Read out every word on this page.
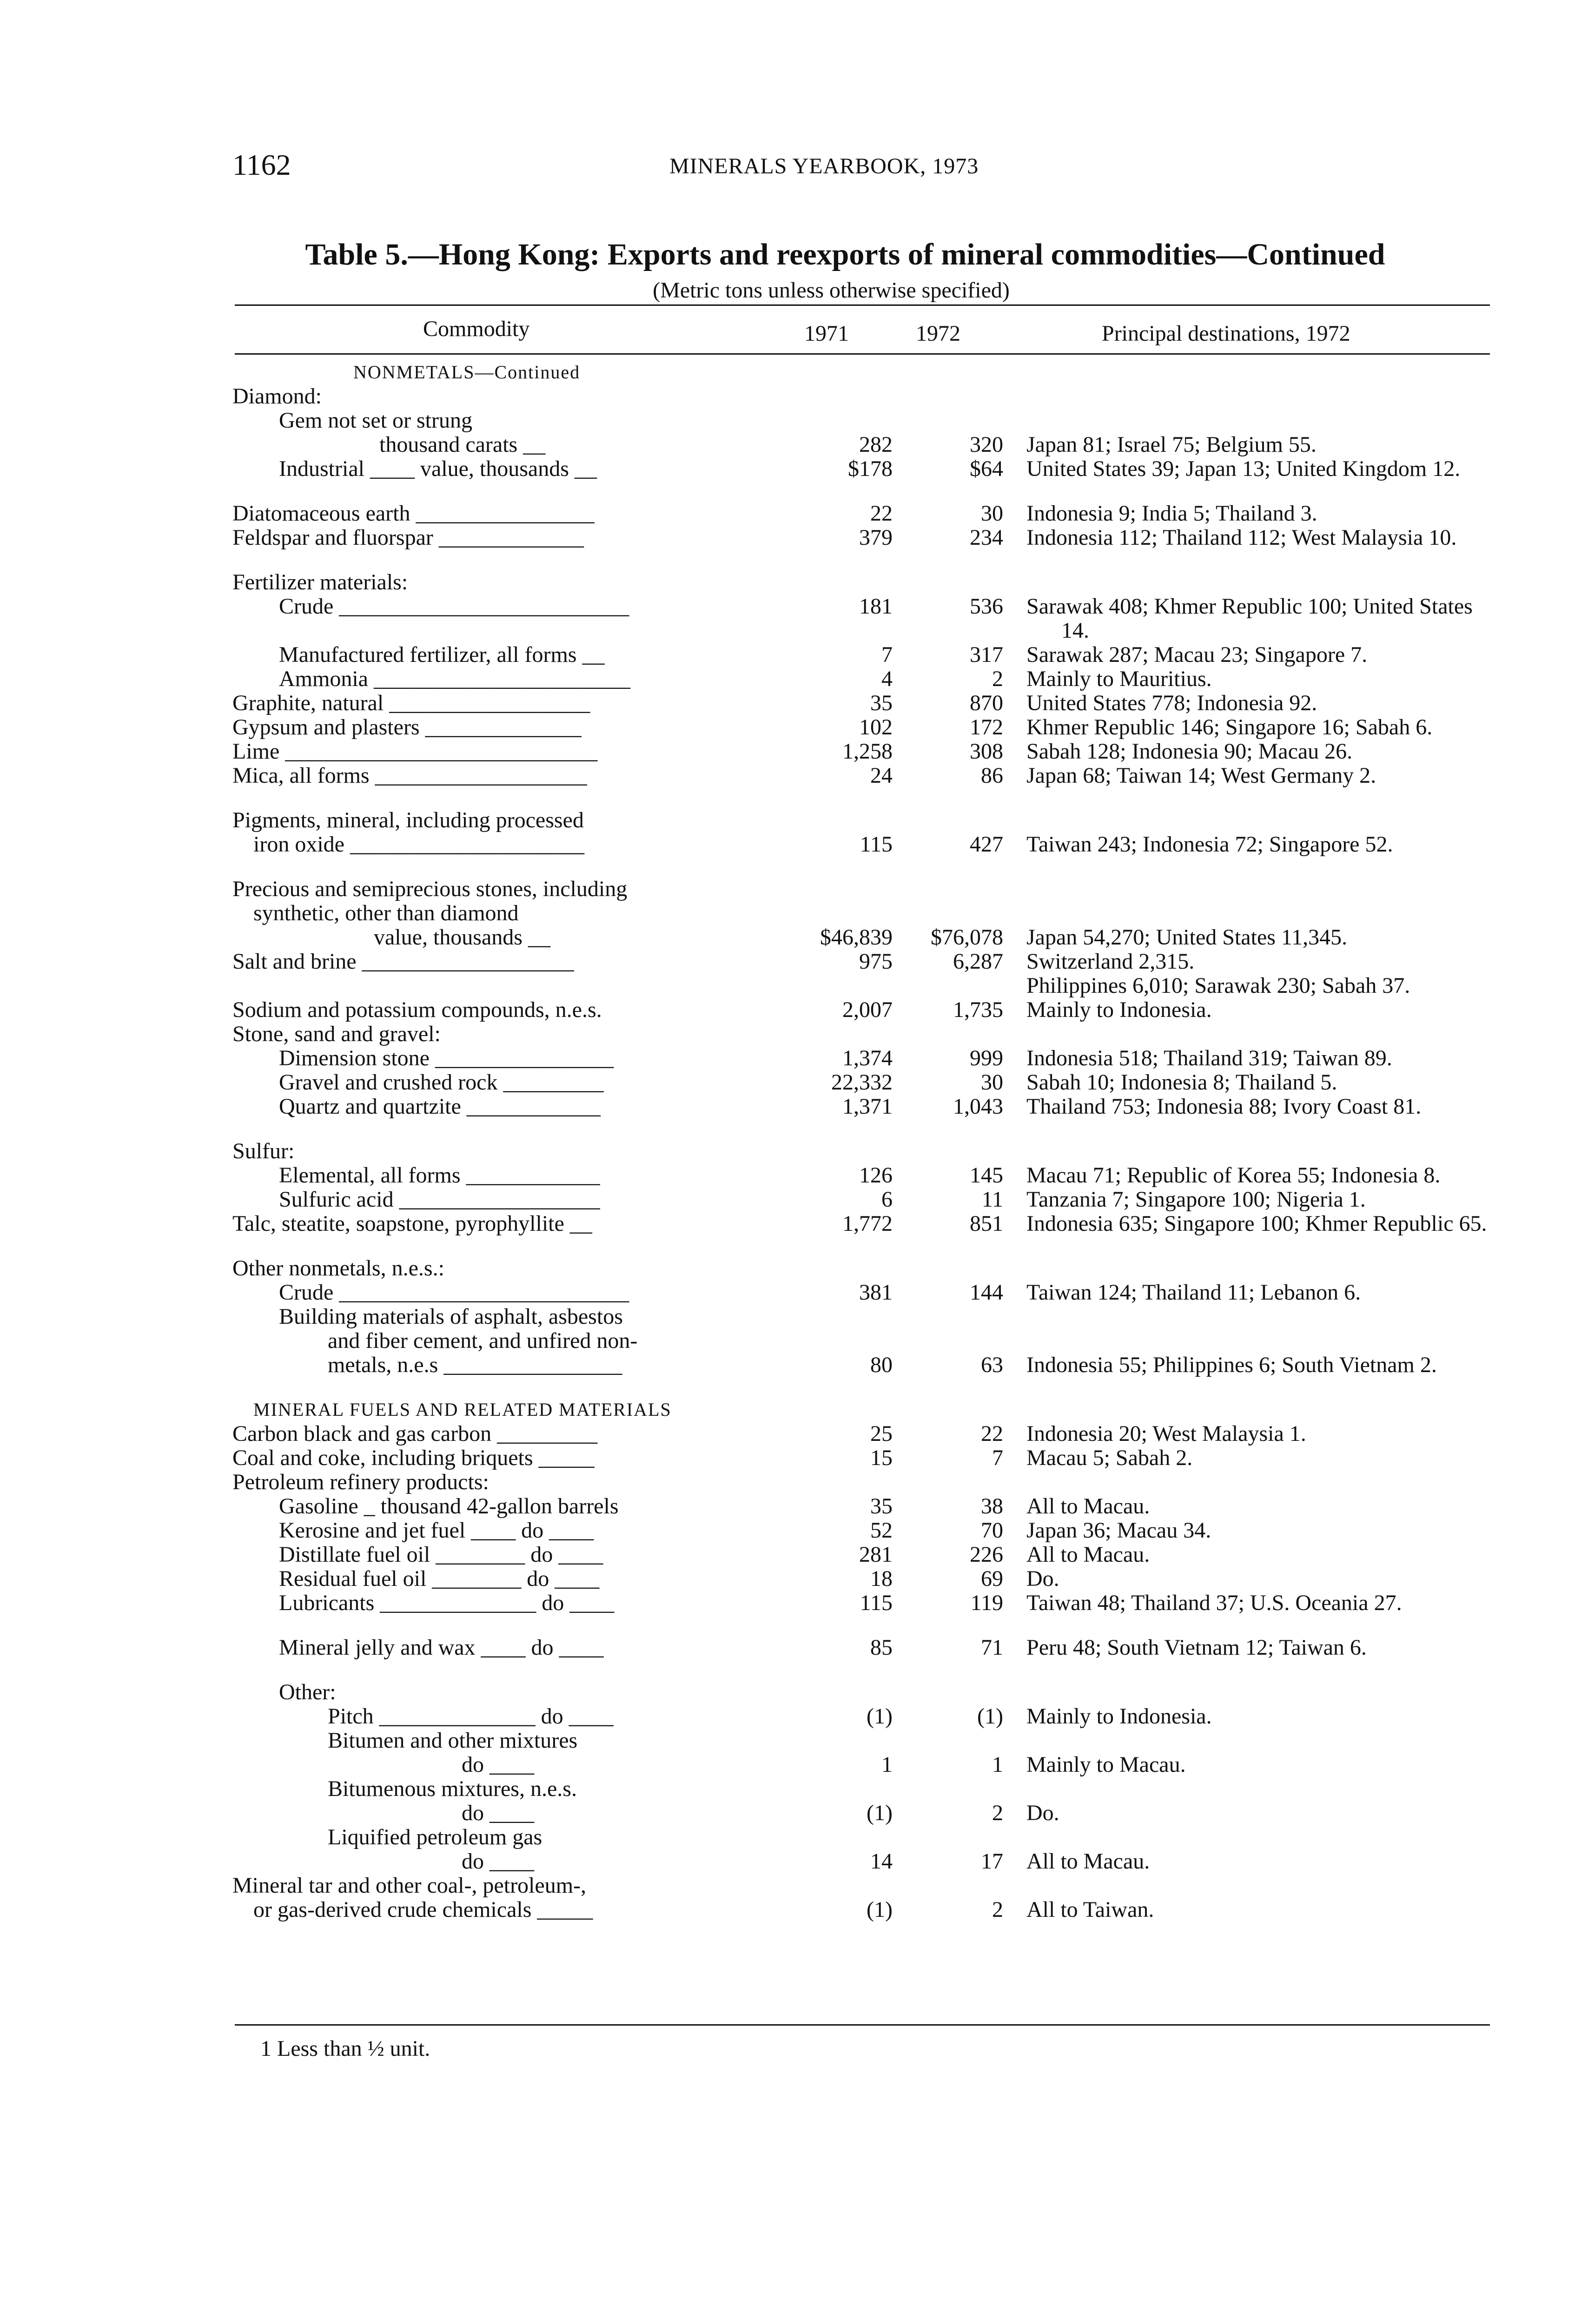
1162	MINERALS YEARBOOK, 1973
Table 5.—Hong Kong: Exports and reexports of mineral commodities—Continued
(Metric tons unless otherwise specified)
Commodity	1971	1972	Principal destinations, 1972
NONMETALS—Continued
Diamond:
Gem not set or strung
thousand carats __	282	320	Japan 81; Israel 75; Belgium 55.
Industrial ____ value, thousands __	$178	$64	United States 39; Japan 13; United Kingdom 12.
Diatomaceous earth ________________	22	30	Indonesia 9; India 5; Thailand 3.
Feldspar and fluorspar _____________	379	234	Indonesia 112; Thailand 112; West Malaysia 10.
Fertilizer materials:
Crude __________________________	181	536	Sarawak 408; Khmer Republic 100; United States 14.
Manufactured fertilizer, all forms __	7	317	Sarawak 287; Macau 23; Singapore 7.
Ammonia _______________________	4	2	Mainly to Mauritius.
Graphite, natural __________________	35	870	United States 778; Indonesia 92.
Gypsum and plasters ______________	102	172	Khmer Republic 146; Singapore 16; Sabah 6.
Lime ____________________________	1,258	308	Sabah 128; Indonesia 90; Macau 26.
Mica, all forms ___________________	24	86	Japan 68; Taiwan 14; West Germany 2.
Pigments, mineral, including processed
iron oxide _____________________	115	427	Taiwan 243; Indonesia 72; Singapore 52.
Precious and semiprecious stones, including
synthetic, other than diamond
value, thousands __	$46,839	$76,078	Japan 54,270; United States 11,345.
Salt and brine ___________________	975	6,287	Switzerland 2,315.
Philippines 6,010; Sarawak 230; Sabah 37.
Sodium and potassium compounds, n.e.s.	2,007	1,735	Mainly to Indonesia.
Stone, sand and gravel:
Dimension stone ________________	1,374	999	Indonesia 518; Thailand 319; Taiwan 89.
Gravel and crushed rock _________	22,332	30	Sabah 10; Indonesia 8; Thailand 5.
Quartz and quartzite ____________	1,371	1,043	Thailand 753; Indonesia 88; Ivory Coast 81.
Sulfur:
Elemental, all forms ____________	126	145	Macau 71; Republic of Korea 55; Indonesia 8.
Sulfuric acid __________________	6	11	Tanzania 7; Singapore 100; Nigeria 1.
Talc, steatite, soapstone, pyrophyllite __	1,772	851	Indonesia 635; Singapore 100; Khmer Republic 65.
Other nonmetals, n.e.s.:
Crude __________________________	381	144	Taiwan 124; Thailand 11; Lebanon 6.
Building materials of asphalt, asbestos
and fiber cement, and unfired non-
metals, n.e.s ________________	80	63	Indonesia 55; Philippines 6; South Vietnam 2.
MINERAL FUELS AND RELATED MATERIALS
Carbon black and gas carbon _________	25	22	Indonesia 20; West Malaysia 1.
Coal and coke, including briquets _____	15	7	Macau 5; Sabah 2.
Petroleum refinery products:
Gasoline _ thousand 42-gallon barrels	35	38	All to Macau.
Kerosine and jet fuel ____ do ____	52	70	Japan 36; Macau 34.
Distillate fuel oil ________ do ____	281	226	All to Macau.
Residual fuel oil ________ do ____	18	69	Do.
Lubricants ______________ do ____	115	119	Taiwan 48; Thailand 37; U.S. Oceania 27.
Mineral jelly and wax ____ do ____	85	71	Peru 48; South Vietnam 12; Taiwan 6.
Other:
Pitch ______________ do ____	(1)	(1)	Mainly to Indonesia.
Bitumen and other mixtures
do ____	1	1	Mainly to Macau.
Bitumenous mixtures, n.e.s.
do ____	(1)	2	Do.
Liquified petroleum gas
do ____	14	17	All to Macau.
Mineral tar and other coal-, petroleum-,
or gas-derived crude chemicals _____	(1)	2	All to Taiwan.
1 Less than ½ unit.
